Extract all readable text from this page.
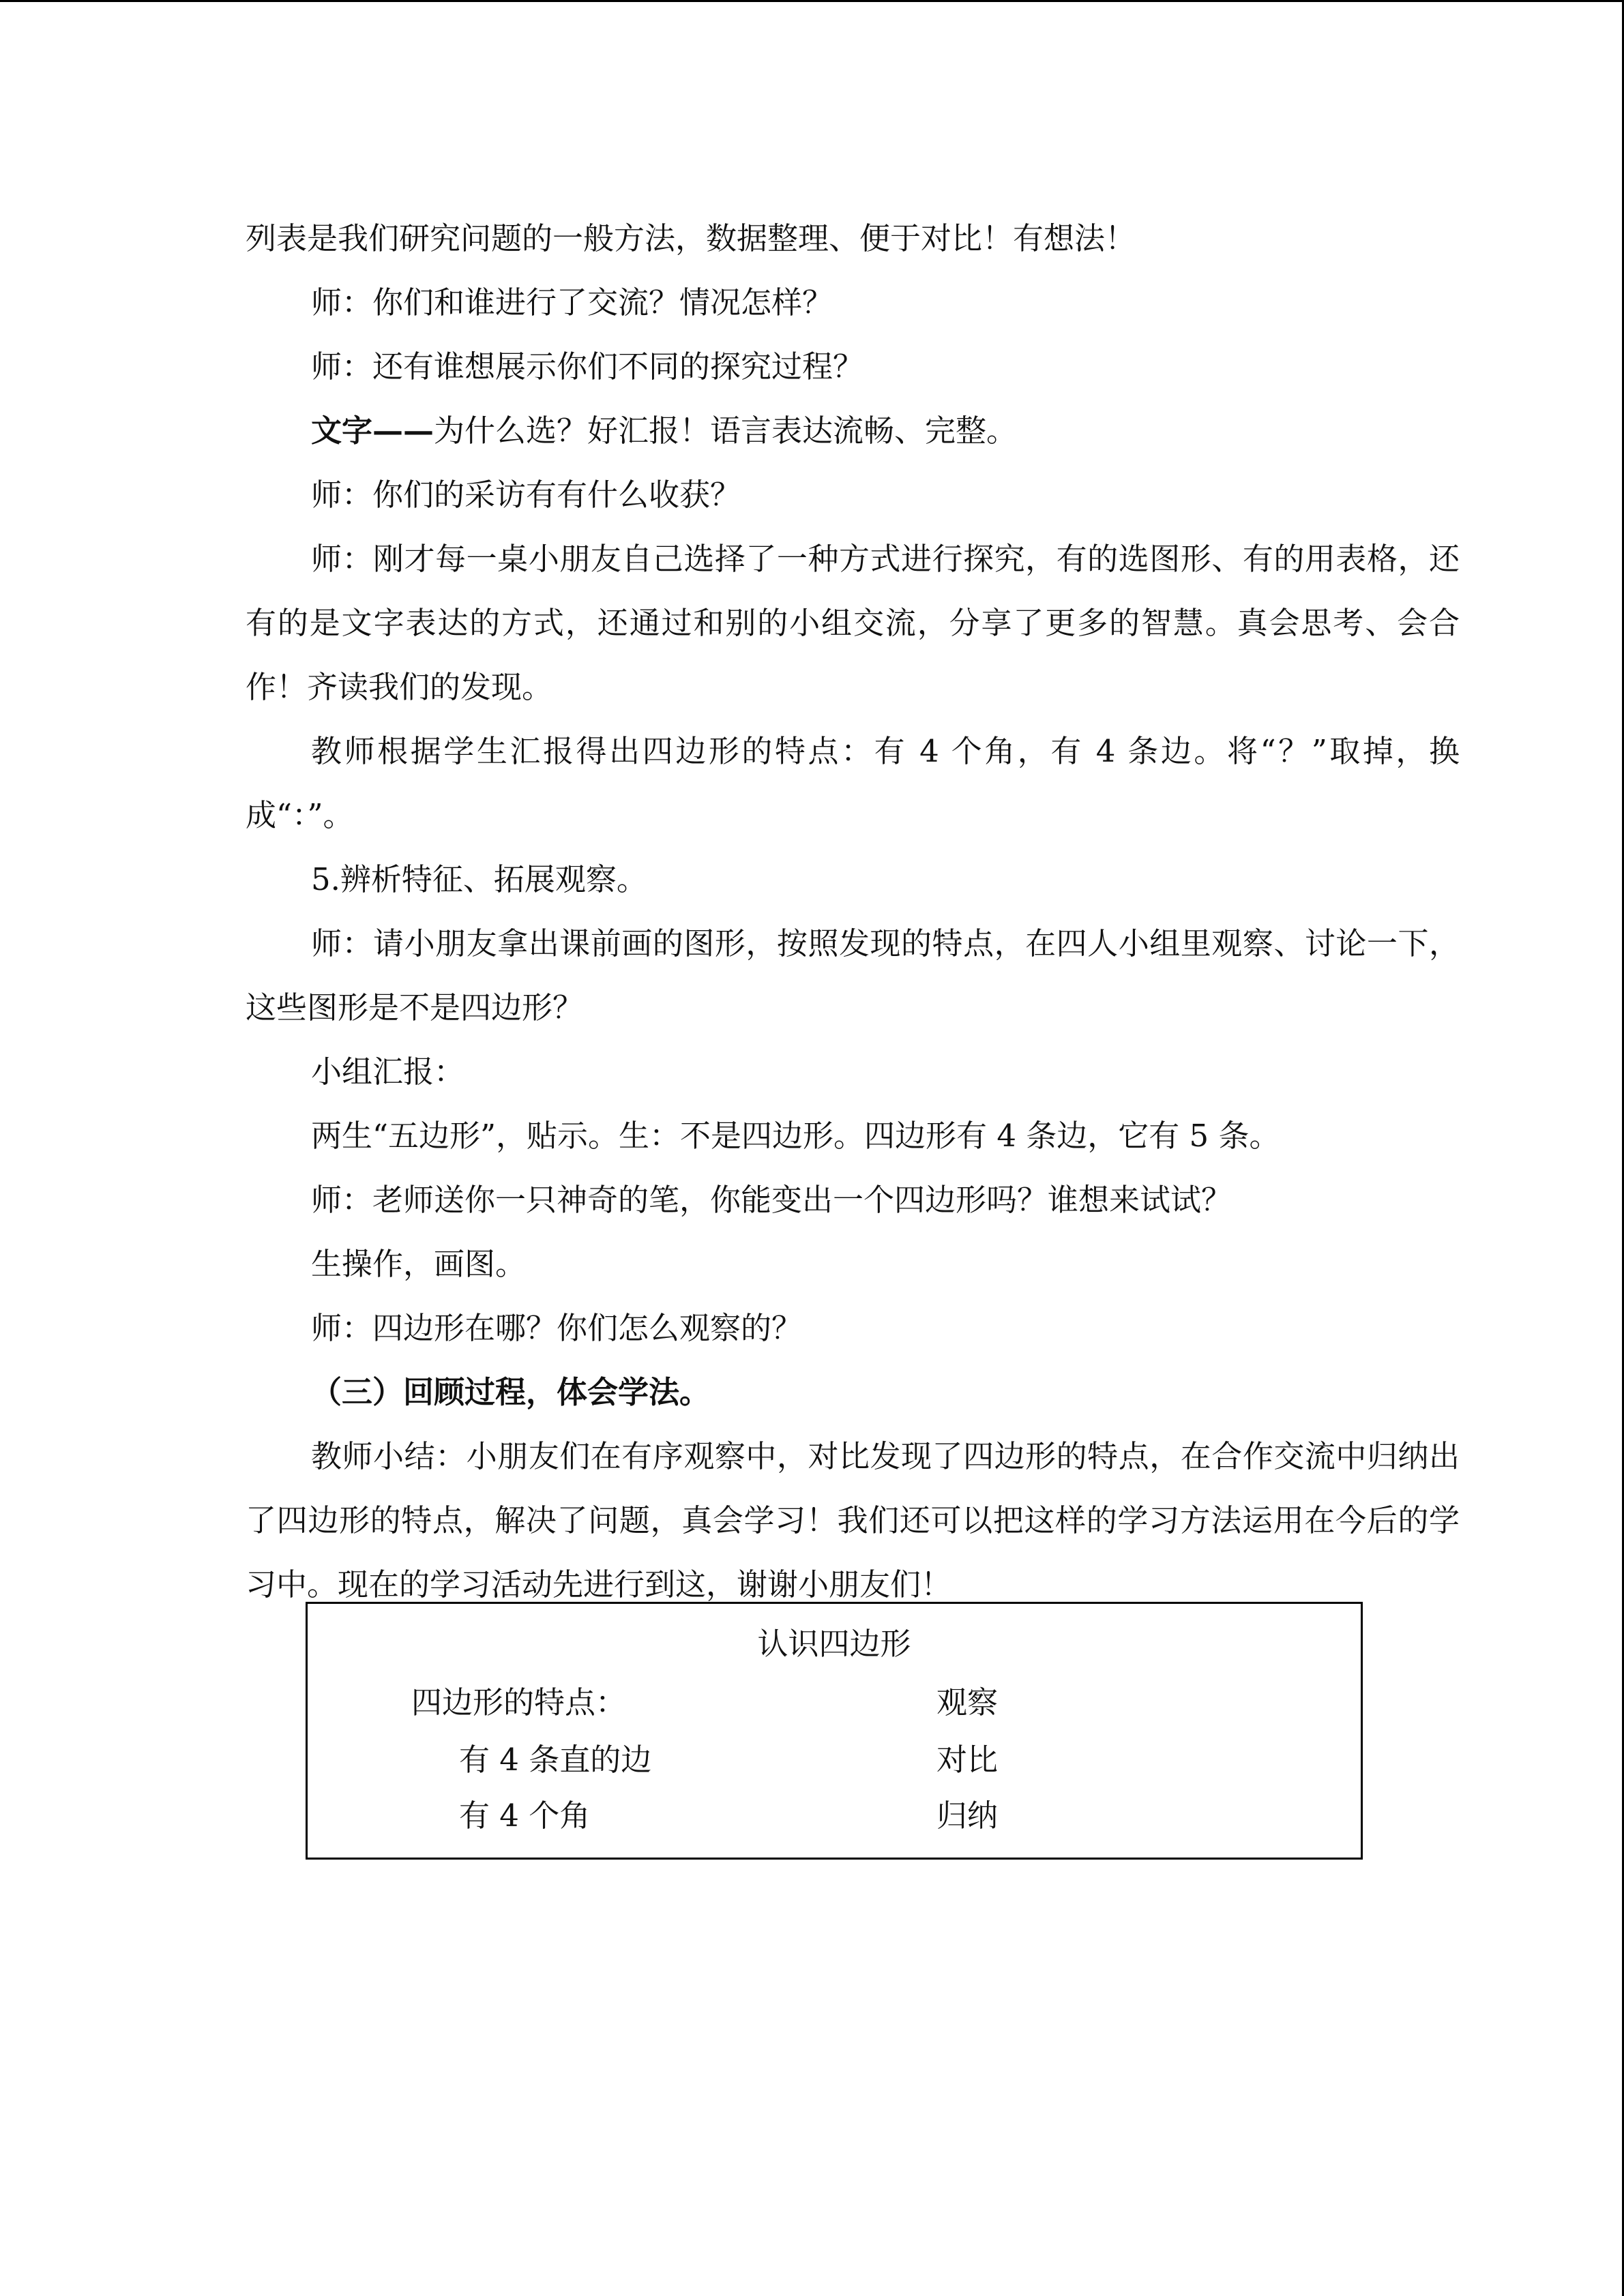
列表是我们研究问题的一般方法，数据整理、便于对比！有想法！

师：你们和谁进行了交流？情况怎样？

师：还有谁想展示你们不同的探究过程？

文字——为什么选？好汇报！语言表达流畅、完整。

师：你们的采访有有什么收获？

师：刚才每一桌小朋友自己选择了一种方式进行探究，有的选图形、有的用表格，还有的是文字表达的方式，还通过和别的小组交流，分享了更多的智慧。真会思考、会合作！齐读我们的发现。

教师根据学生汇报得出四边形的特点：有 4 个角，有 4 条边。将“？”取掉，换成“：”。

5.辨析特征、拓展观察。

师：请小朋友拿出课前画的图形，按照发现的特点，在四人小组里观察、讨论一下，这些图形是不是四边形？

小组汇报：

两生“五边形”，贴示。生：不是四边形。四边形有 4 条边，它有 5 条。

师：老师送你一只神奇的笔，你能变出一个四边形吗？谁想来试试？

生操作，画图。

师：四边形在哪？你们怎么观察的？

（三）回顾过程，体会学法。

教师小结：小朋友们在有序观察中，对比发现了四边形的特点，在合作交流中归纳出了四边形的特点，解决了问题，真会学习！我们还可以把这样的学习方法运用在今后的学习中。现在的学习活动先进行到这，谢谢小朋友们！

认识四边形
四边形的特点：
有 4 条直的边
有 4 个角
观察
对比
归纳
